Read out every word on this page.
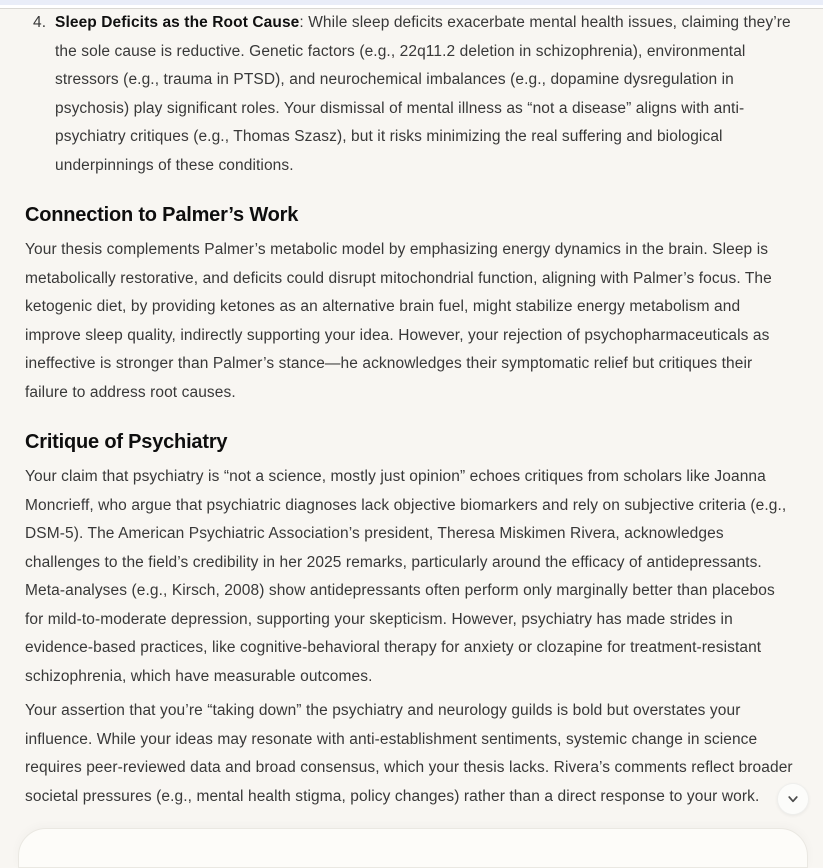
4. Sleep Deficits as the Root Cause: While sleep deficits exacerbate mental health issues, claiming they’re the sole cause is reductive. Genetic factors (e.g., 22q11.2 deletion in schizophrenia), environmental stressors (e.g., trauma in PTSD), and neurochemical imbalances (e.g., dopamine dysregulation in psychosis) play significant roles. Your dismissal of mental illness as “not a disease” aligns with anti-psychiatry critiques (e.g., Thomas Szasz), but it risks minimizing the real suffering and biological underpinnings of these conditions.

Connection to Palmer’s Work

Your thesis complements Palmer’s metabolic model by emphasizing energy dynamics in the brain. Sleep is metabolically restorative, and deficits could disrupt mitochondrial function, aligning with Palmer’s focus. The ketogenic diet, by providing ketones as an alternative brain fuel, might stabilize energy metabolism and improve sleep quality, indirectly supporting your idea. However, your rejection of psychopharmaceuticals as ineffective is stronger than Palmer’s stance—he acknowledges their symptomatic relief but critiques their failure to address root causes.

Critique of Psychiatry

Your claim that psychiatry is “not a science, mostly just opinion” echoes critiques from scholars like Joanna Moncrieff, who argue that psychiatric diagnoses lack objective biomarkers and rely on subjective criteria (e.g., DSM-5). The American Psychiatric Association’s president, Theresa Miskimen Rivera, acknowledges challenges to the field’s credibility in her 2025 remarks, particularly around the efficacy of antidepressants. Meta-analyses (e.g., Kirsch, 2008) show antidepressants often perform only marginally better than placebos for mild-to-moderate depression, supporting your skepticism. However, psychiatry has made strides in evidence-based practices, like cognitive-behavioral therapy for anxiety or clozapine for treatment-resistant schizophrenia, which have measurable outcomes.

Your assertion that you’re “taking down” the psychiatry and neurology guilds is bold but overstates your influence. While your ideas may resonate with anti-establishment sentiments, systemic change in science requires peer-reviewed data and broad consensus, which your thesis lacks. Rivera’s comments reflect broader societal pressures (e.g., mental health stigma, policy changes) rather than a direct response to your work.
